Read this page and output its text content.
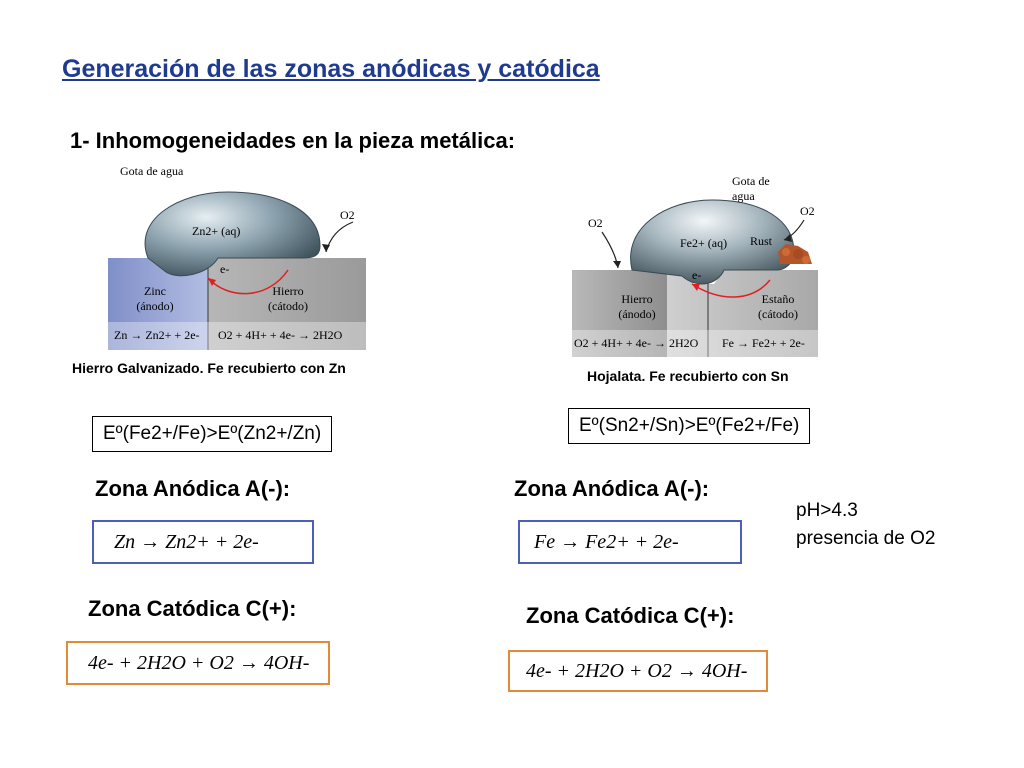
Generación de las zonas anódicas y catódica
1- Inhomogeneidades en la pieza metálica:
Gota de agua
Zn2+ (aq)
O2
e-
Zinc (ánodo)
Hierro (cátodo)
Zn → Zn2+ + 2e- O2 + 4H+ + 4e- → 2H2O
Hierro Galvanizado. Fe recubierto con Zn
Gota de agua
Fe2+ (aq)
O2
O2
Rust
e-
Hierro (ánodo)
Estaño (cátodo)
O2 + 4H+ + 4e- → 2H2O Fe → Fe2+ + 2e-
Hojalata. Fe recubierto con Sn
Eº(Fe2+/Fe)>Eº(Zn2+/Zn)	Eº(Sn2+/Sn)>Eº(Fe2+/Fe)
Zona Anódica A(-):	Zona Anódica A(-):
Zn → Zn2+ + 2e-	Fe → Fe2+ + 2e-
pH>4.3
presencia de O2
Zona Catódica C(+):	Zona Catódica C(+):
4e- + 2H2O + O2 → 4OH-	4e- + 2H2O + O2 → 4OH-
